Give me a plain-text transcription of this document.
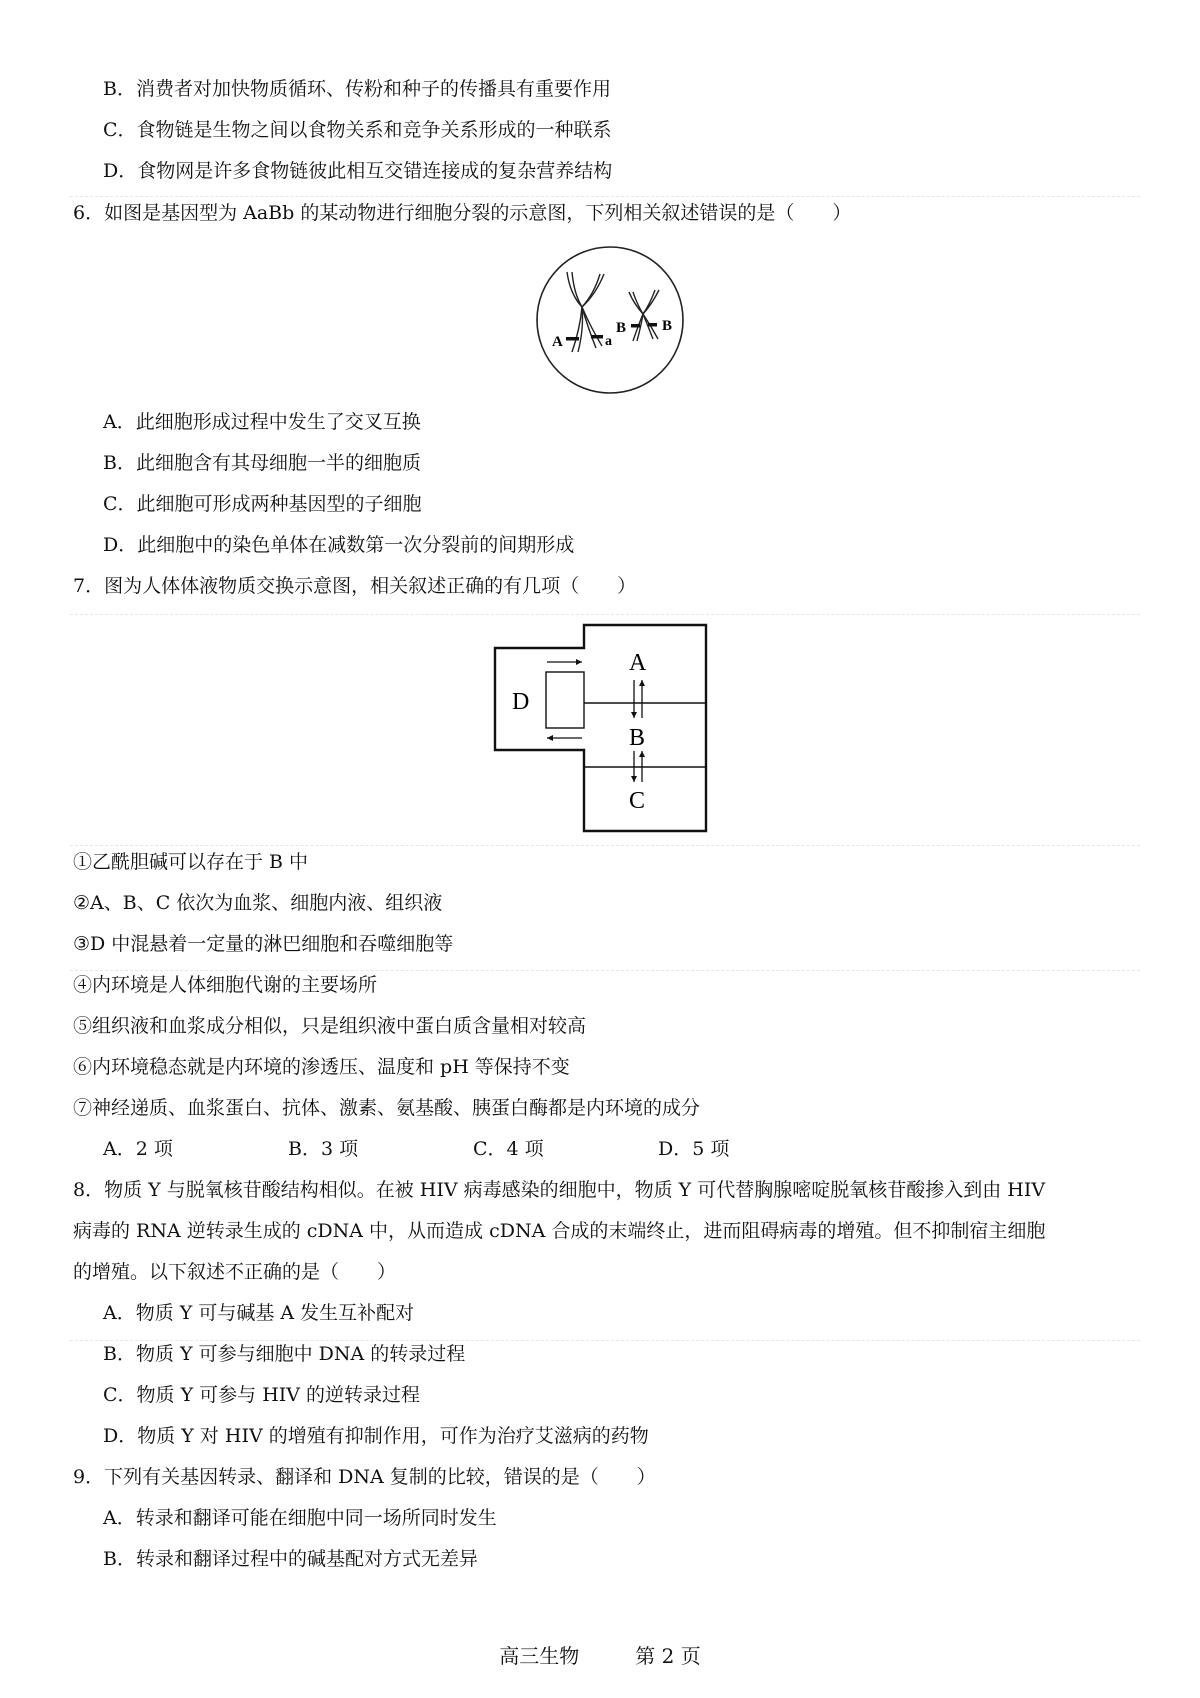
B．消费者对加快物质循环、传粉和种子的传播具有重要作用
C．食物链是生物之间以食物关系和竞争关系形成的一种联系
D．食物网是许多食物链彼此相互交错连接成的复杂营养结构
6．如图是基因型为 AaBb 的某动物进行细胞分裂的示意图，下列相关叙述错误的是（　　）
A	a
B B
A．此细胞形成过程中发生了交叉互换
B．此细胞含有其母细胞一半的细胞质
C．此细胞可形成两种基因型的子细胞
D．此细胞中的染色单体在减数第一次分裂前的间期形成
7．图为人体体液物质交换示意图，相关叙述正确的有几项（　　）
A
B
C
D
①乙酰胆碱可以存在于 B 中
②A、B、C 依次为血浆、细胞内液、组织液
③D 中混悬着一定量的淋巴细胞和吞噬细胞等
④内环境是人体细胞代谢的主要场所
⑤组织液和血浆成分相似，只是组织液中蛋白质含量相对较高
⑥内环境稳态就是内环境的渗透压、温度和 pH 等保持不变
⑦神经递质、血浆蛋白、抗体、激素、氨基酸、胰蛋白酶都是内环境的成分
A．2 项	B．3 项	C．4 项	D．5 项
8．物质 Y 与脱氧核苷酸结构相似。在被 HIV 病毒感染的细胞中，物质 Y 可代替胸腺嘧啶脱氧核苷酸掺入到由 HIV
病毒的 RNA 逆转录生成的 cDNA 中，从而造成 cDNA 合成的末端终止，进而阻碍病毒的增殖。但不抑制宿主细胞
的增殖。以下叙述不正确的是（　　）
A．物质 Y 可与碱基 A 发生互补配对
B．物质 Y 可参与细胞中 DNA 的转录过程
C．物质 Y 可参与 HIV 的逆转录过程
D．物质 Y 对 HIV 的增殖有抑制作用，可作为治疗艾滋病的药物
9．下列有关基因转录、翻译和 DNA 复制的比较，错误的是（　　）
A．转录和翻译可能在细胞中同一场所同时发生
B．转录和翻译过程中的碱基配对方式无差异
高三生物	第 2 页
